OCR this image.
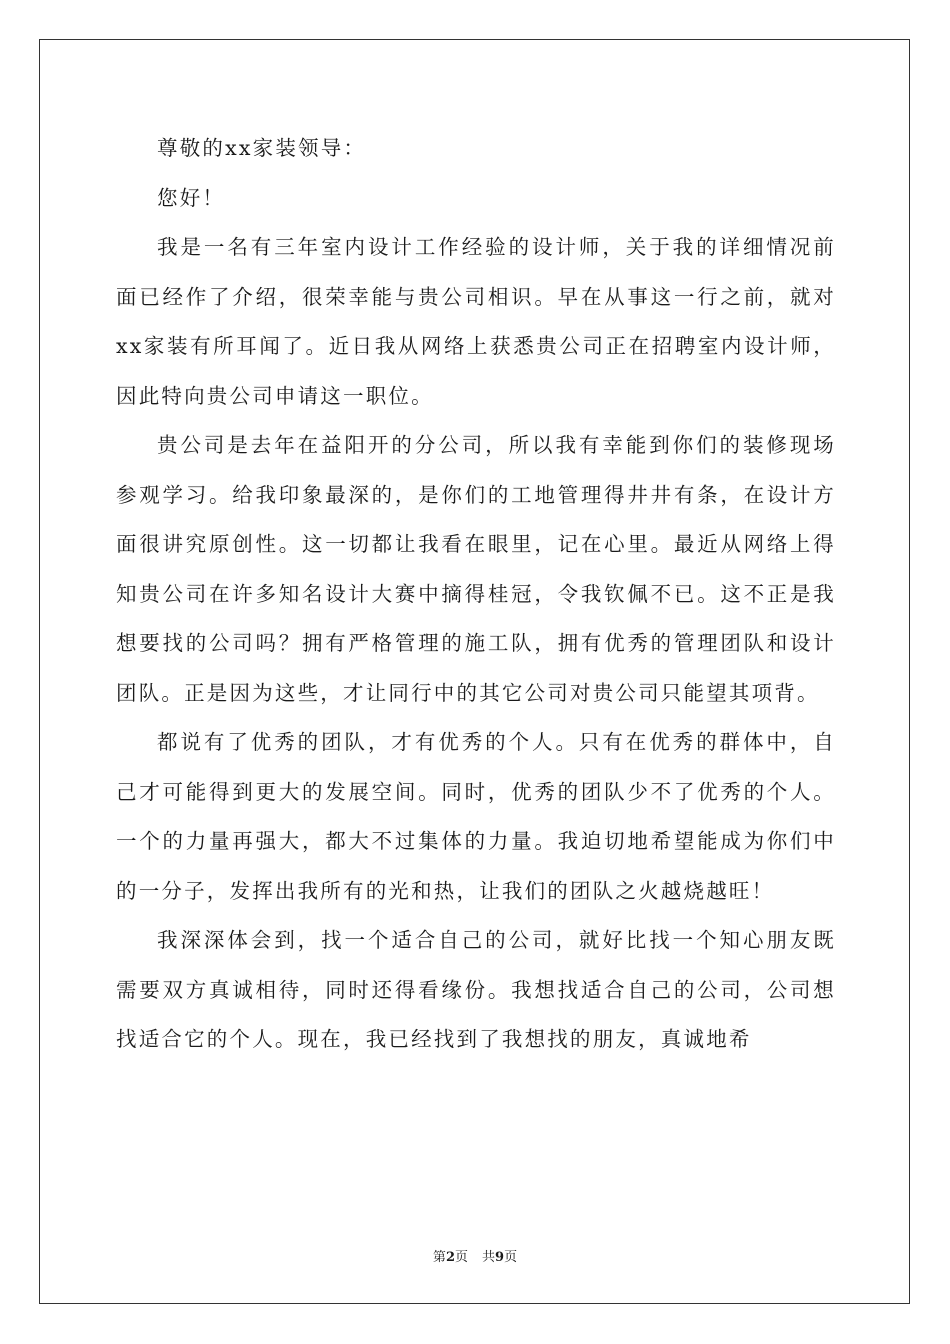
尊敬的xx家装领导：

您好！

我是一名有三年室内设计工作经验的设计师，关于我的详细情况前面已经作了介绍，很荣幸能与贵公司相识。早在从事这一行之前，就对xx家装有所耳闻了。近日我从网络上获悉贵公司正在招聘室内设计师，因此特向贵公司申请这一职位。

贵公司是去年在益阳开的分公司，所以我有幸能到你们的装修现场参观学习。给我印象最深的，是你们的工地管理得井井有条，在设计方面很讲究原创性。这一切都让我看在眼里，记在心里。最近从网络上得知贵公司在许多知名设计大赛中摘得桂冠，令我钦佩不已。这不正是我想要找的公司吗？拥有严格管理的施工队，拥有优秀的管理团队和设计团队。正是因为这些，才让同行中的其它公司对贵公司只能望其项背。

都说有了优秀的团队，才有优秀的个人。只有在优秀的群体中，自己才可能得到更大的发展空间。同时，优秀的团队少不了优秀的个人。一个的力量再强大，都大不过集体的力量。我迫切地希望能成为你们中的一分子，发挥出我所有的光和热，让我们的团队之火越烧越旺！

我深深体会到，找一个适合自己的公司，就好比找一个知心朋友既需要双方真诚相待，同时还得看缘份。我想找适合自己的公司，公司想找适合它的个人。现在，我已经找到了我想找的朋友，真诚地希

第2页 共9页
